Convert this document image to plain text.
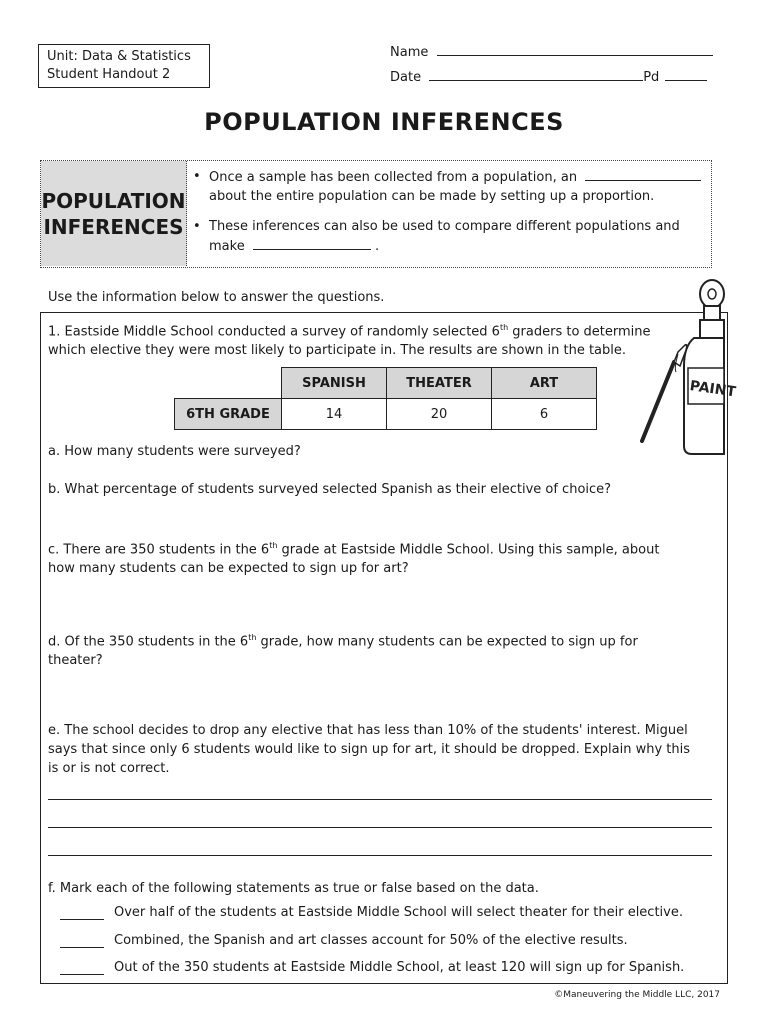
Unit: Data & Statistics
Student Handout 2
Name
Date	Pd
POPULATION INFERENCES
POPULATION
INFERENCES
• Once a sample has been collected from a population, an
about the entire population can be made by setting up a proportion.
• These inferences can also be used to compare different populations and make	.
Use the information below to answer the questions.
1. Eastside Middle School conducted a survey of randomly selected 6th graders to determine
which elective they were most likely to participate in. The results are shown in the table.
	SPANISH	THEATER	ART
6TH GRADE	14	20	6
a. How many students were surveyed?
b. What percentage of students surveyed selected Spanish as their elective of choice?
c. There are 350 students in the 6th grade at Eastside Middle School. Using this sample, about
how many students can be expected to sign up for art?
d. Of the 350 students in the 6th grade, how many students can be expected to sign up for
theater?
e. The school decides to drop any elective that has less than 10% of the students' interest. Miguel
says that since only 6 students would like to sign up for art, it should be dropped. Explain why this
is or is not correct.
f. Mark each of the following statements as true or false based on the data.
Over half of the students at Eastside Middle School will select theater for their elective.
Combined, the Spanish and art classes account for 50% of the elective results.
Out of the 350 students at Eastside Middle School, at least 120 will sign up for Spanish.
PAINT
©Maneuvering the Middle LLC, 2017
